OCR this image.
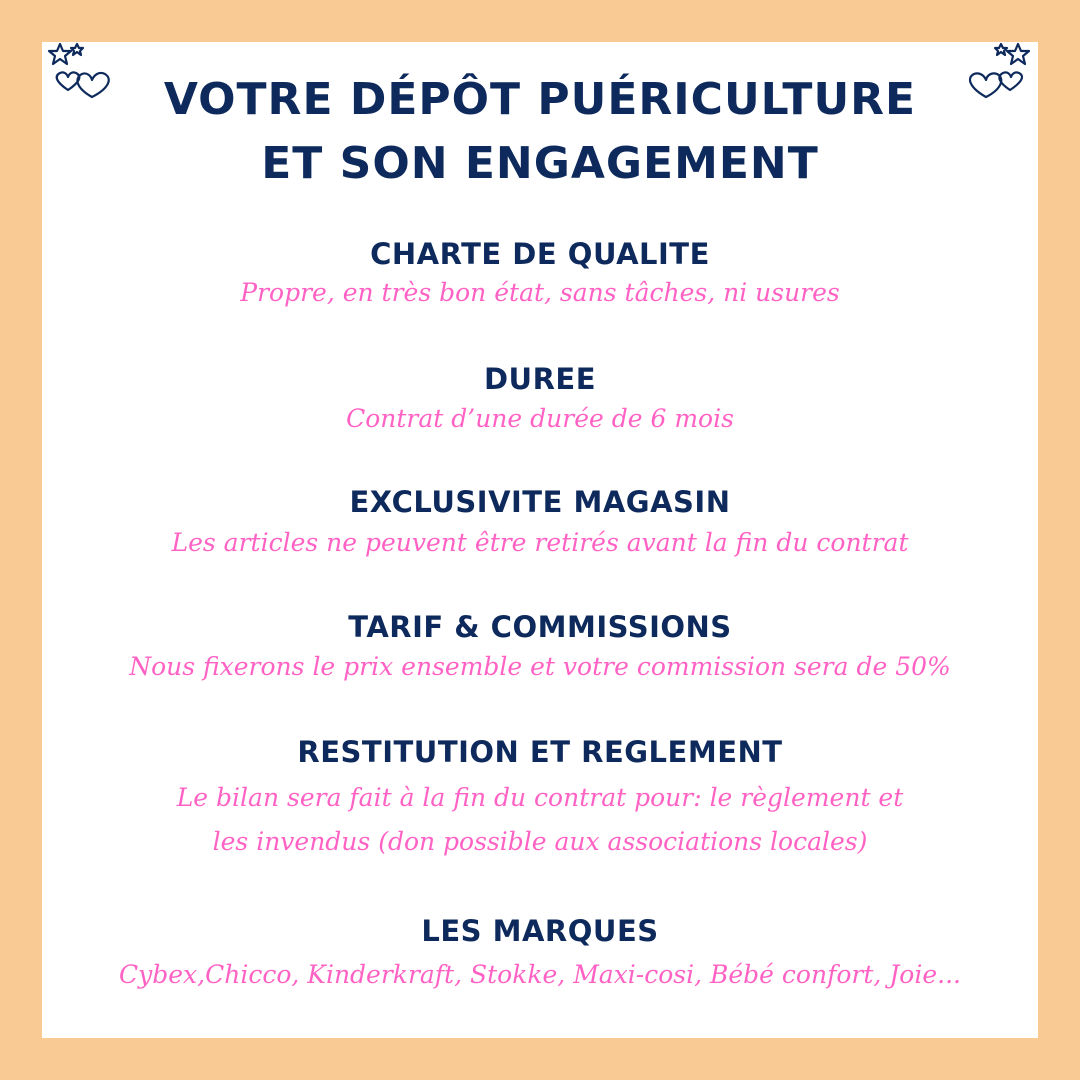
VOTRE DÉPÔT PUÉRICULTURE
ET SON ENGAGEMENT
CHARTE DE QUALITE
Propre, en très bon état, sans tâches, ni usures
DUREE
Contrat d’une durée de 6 mois
EXCLUSIVITE MAGASIN
Les articles ne peuvent être retirés avant la fin du contrat
TARIF & COMMISSIONS
Nous fixerons le prix ensemble et votre commission sera de 50%
RESTITUTION ET REGLEMENT
Le bilan sera fait à la fin du contrat pour: le règlement et
les invendus (don possible aux associations locales)
LES MARQUES
Cybex,Chicco, Kinderkraft, Stokke, Maxi-cosi, Bébé confort, Joie...
